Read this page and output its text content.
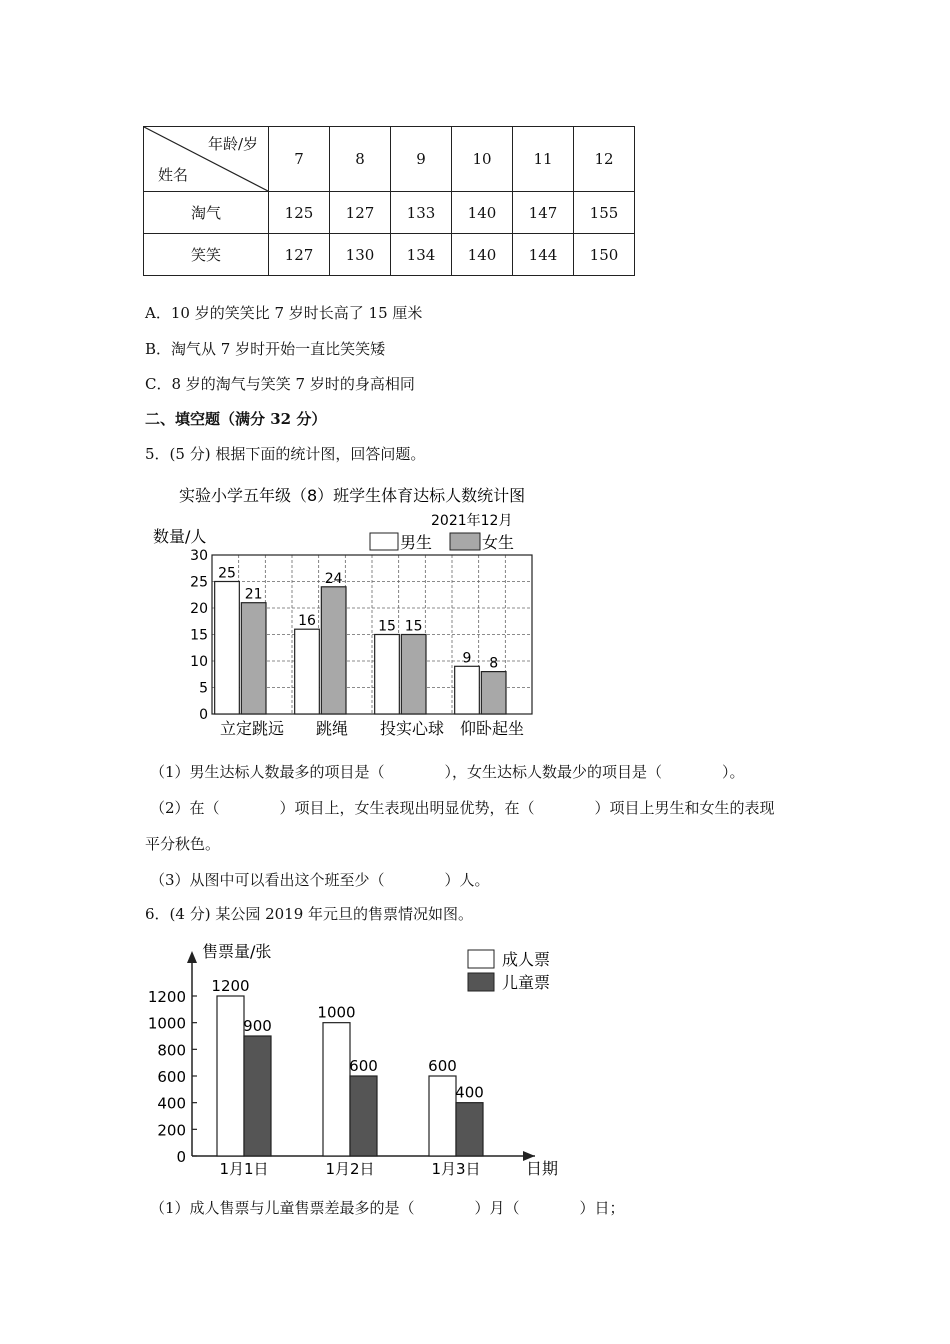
年龄/岁
姓名	7	8	9	10	11	12
淘气	125	127	133	140	147	155
笑笑	127	130	134	140	144	150
A．10 岁的笑笑比 7 岁时长高了 15 厘米
B．淘气从 7 岁时开始一直比笑笑矮
C．8 岁的淘气与笑笑 7 岁时的身高相同
二、填空题（满分 32 分）
5．(5 分) 根据下面的统计图，回答问题。
实验小学五年级（8）班学生体育达标人数统计图
2021年12月
数量/人	男生	女生
0
5
10
15
20
25
30
25
21
立定跳远
16
24
跳绳
15 15
投实心球
9 8
仰卧起坐
（1）男生达标人数最多的项目是（　　　　），女生达标人数最少的项目是（　　　　）。
（2）在（　　　　）项目上，女生表现出明显优势，在（　　　　）项目上男生和女生的表现
平分秋色。
（3）从图中可以看出这个班至少（　　　　）人。
6．(4 分) 某公园 2019 年元旦的售票情况如图。
售票量/张	成人票
儿童票
日期
0
200
400
600
800
1000
1200
1200
900
1月1日
1000
600
1月2日
600
400
1月3日
（1）成人售票与儿童售票差最多的是（　　　　）月（　　　　）日；
